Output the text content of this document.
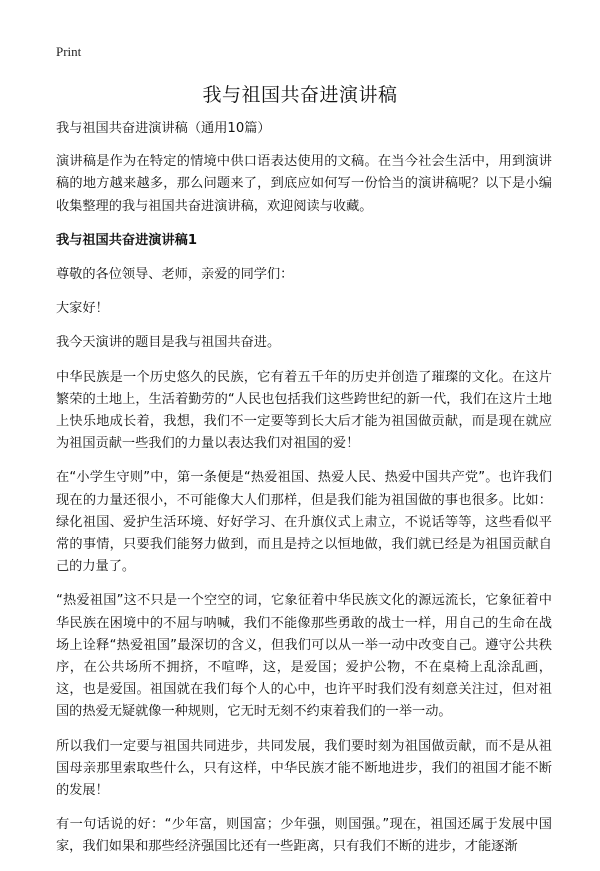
Print
我与祖国共奋进演讲稿

我与祖国共奋进演讲稿（通用10篇）

演讲稿是作为在特定的情境中供口语表达使用的文稿。在当今社会生活中，用到演讲稿的地方越来越多，那么问题来了，到底应如何写一份恰当的演讲稿呢？以下是小编收集整理的我与祖国共奋进演讲稿，欢迎阅读与收藏。

我与祖国共奋进演讲稿1

尊敬的各位领导、老师，亲爱的同学们：

大家好！

我今天演讲的题目是我与祖国共奋进。

中华民族是一个历史悠久的民族，它有着五千年的历史并创造了璀璨的文化。在这片繁荣的土地上，生活着勤劳的“人民也包括我们这些跨世纪的新一代，我们在这片土地上快乐地成长着，我想，我们不一定要等到长大后才能为祖国做贡献，而是现在就应为祖国贡献一些我们的力量以表达我们对祖国的爱！

在“小学生守则”中，第一条便是“热爱祖国、热爱人民、热爱中国共产党”。也许我们现在的力量还很小，不可能像大人们那样，但是我们能为祖国做的事也很多。比如：绿化祖国、爱护生活环境、好好学习、在升旗仪式上肃立，不说话等等，这些看似平常的事情，只要我们能努力做到，而且是持之以恒地做，我们就已经是为祖国贡献自己的力量了。

“热爱祖国”这不只是一个空空的词，它象征着中华民族文化的源远流长，它象征着中华民族在困境中的不屈与呐喊，我们不能像那些勇敢的战士一样，用自己的生命在战场上诠释“热爱祖国”最深切的含义，但我们可以从一举一动中改变自己。遵守公共秩序，在公共场所不拥挤，不喧哗，这，是爱国；爱护公物，不在桌椅上乱涂乱画，这，也是爱国。祖国就在我们每个人的心中，也许平时我们没有刻意关注过，但对祖国的热爱无疑就像一种规则，它无时无刻不约束着我们的一举一动。

所以我们一定要与祖国共同进步，共同发展，我们要时刻为祖国做贡献，而不是从祖国母亲那里索取些什么，只有这样，中华民族才能不断地进步，我们的祖国才能不断的发展！

有一句话说的好：“少年富，则国富；少年强，则国强。”现在，祖国还属于发展中国家，我们如果和那些经济强国比还有一些距离，只有我们不断的进步，才能逐渐
